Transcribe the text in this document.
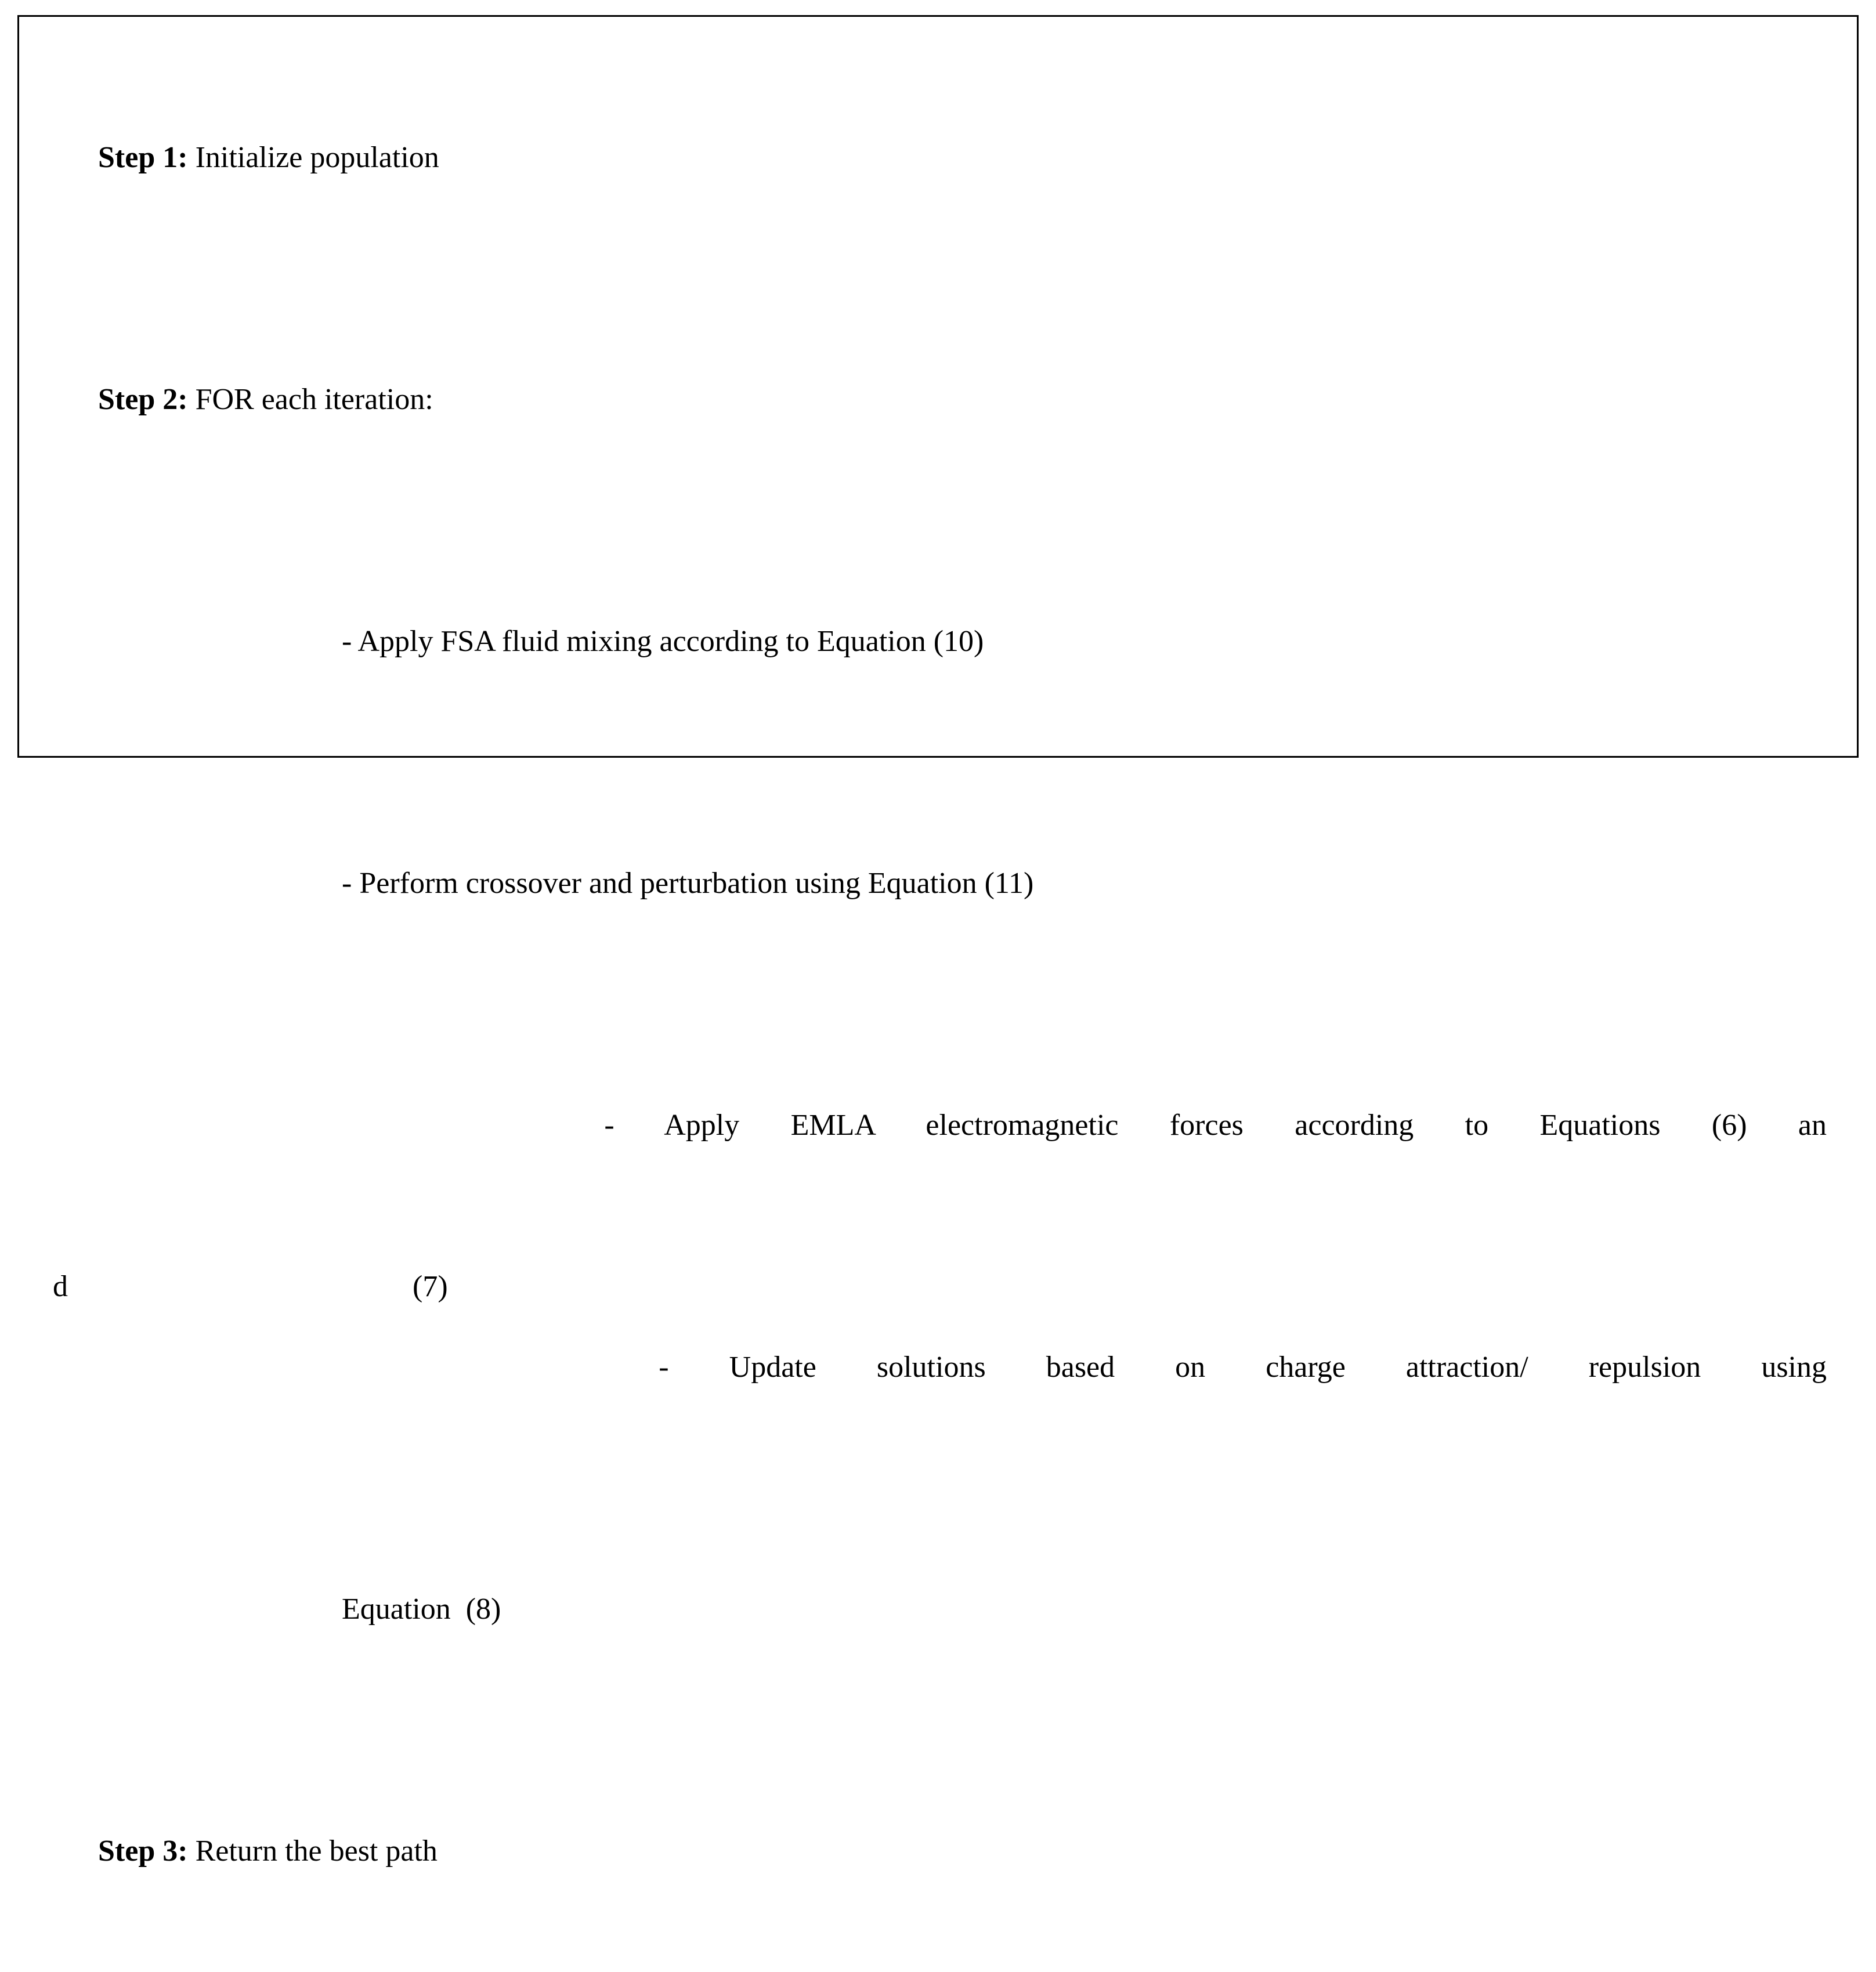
Step 1: Initialize population

Step 2: FOR each iteration:

- Apply FSA fluid mixing according to Equation (10)

- Perform crossover and perturbation using Equation (11)

- Apply EMLA electromagnetic forces according to Equations (6) an

d	(7)

- Update solutions based on charge attraction/ repulsion using

Equation  (8)

Step 3: Return the best path
